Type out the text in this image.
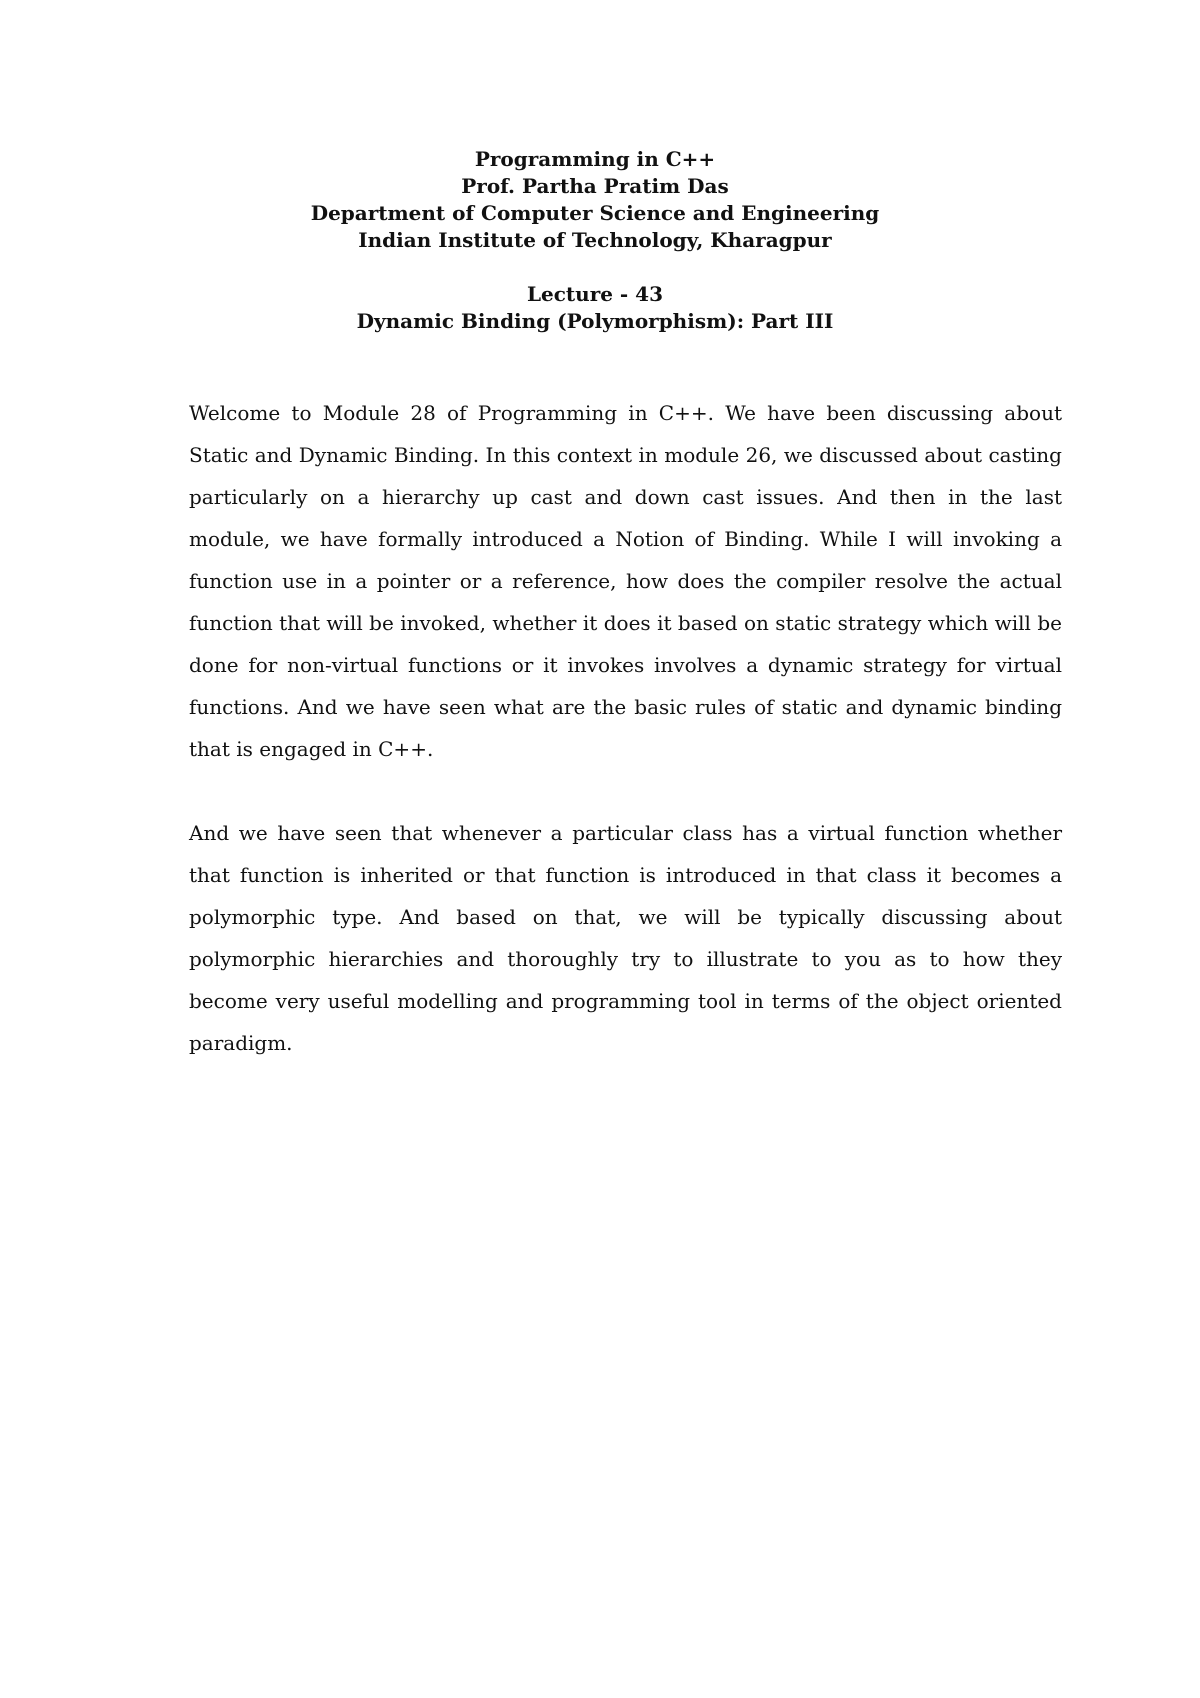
Programming in C++
Prof. Partha Pratim Das
Department of Computer Science and Engineering
Indian Institute of Technology, Kharagpur
Lecture - 43
Dynamic Binding (Polymorphism): Part III

Welcome to Module 28 of Programming in C++. We have been discussing about Static and Dynamic Binding. In this context in module 26, we discussed about casting particularly on a hierarchy up cast and down cast issues. And then in the last module, we have formally introduced a Notion of Binding. While I will invoking a function use in a pointer or a reference, how does the compiler resolve the actual function that will be invoked, whether it does it based on static strategy which will be done for non-virtual functions or it invokes involves a dynamic strategy for virtual functions. And we have seen what are the basic rules of static and dynamic binding that is engaged in C++.

And we have seen that whenever a particular class has a virtual function whether that function is inherited or that function is introduced in that class it becomes a polymorphic type. And based on that, we will be typically discussing about polymorphic hierarchies and thoroughly try to illustrate to you as to how they become very useful modelling and programming tool in terms of the object oriented paradigm.
